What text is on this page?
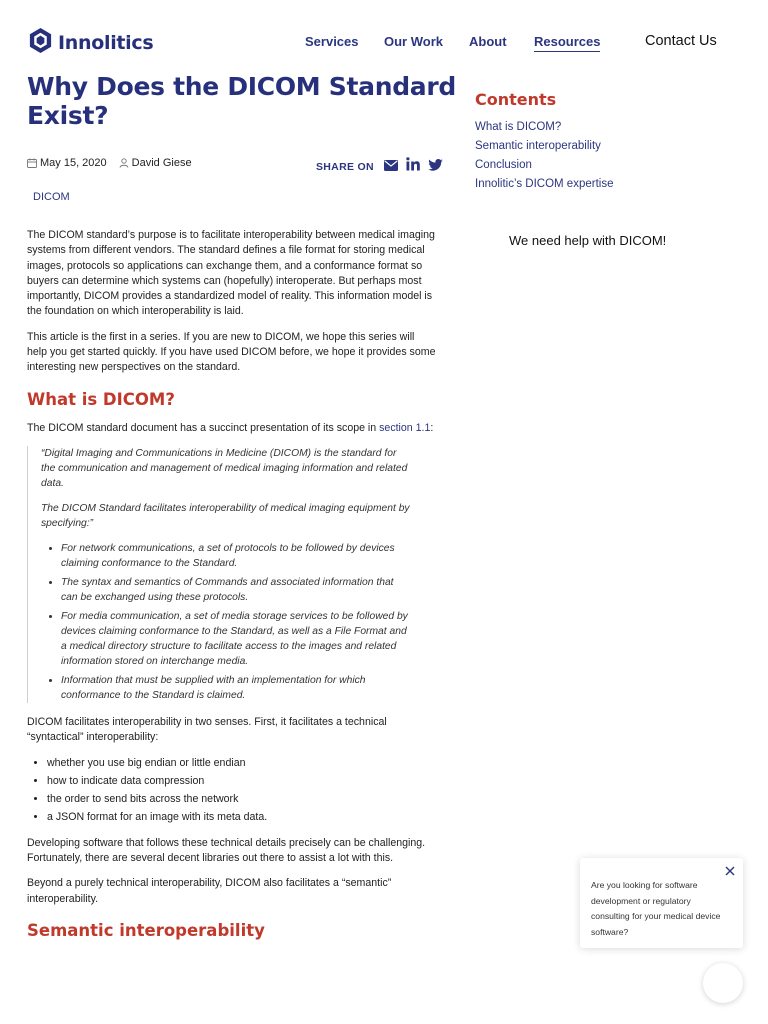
Innolitics	Services Our Work About Resources	Contact Us
Contents
What is DICOM?
Semantic interoperability
Conclusion
Innolitic’s DICOM expertise
We need help with DICOM!
Why Does the DICOM Standard Exist?
May 15, 2020 David Giese	SHARE ON
DICOM

The DICOM standard’s purpose is to facilitate interoperability between medical imaging systems from different vendors. The standard defines a file format for storing medical images, protocols so applications can exchange them, and a conformance format so buyers can determine which systems can (hopefully) interoperate. But perhaps most importantly, DICOM provides a standardized model of reality. This information model is the foundation on which interoperability is laid.

This article is the first in a series. If you are new to DICOM, we hope this series will help you get started quickly. If you have used DICOM before, we hope it provides some interesting new perspectives on the standard.

What is DICOM?

The DICOM standard document has a succinct presentation of its scope in section 1.1:

“Digital Imaging and Communications in Medicine (DICOM) is the standard for the communication and management of medical imaging information and related data.

The DICOM Standard facilitates interoperability of medical imaging equipment by specifying:”

• For network communications, a set of protocols to be followed by devices claiming conformance to the Standard.
• The syntax and semantics of Commands and associated information that can be exchanged using these protocols.
• For media communication, a set of media storage services to be followed by devices claiming conformance to the Standard, as well as a File Format and a medical directory structure to facilitate access to the images and related information stored on interchange media.
• Information that must be supplied with an implementation for which conformance to the Standard is claimed.

DICOM facilitates interoperability in two senses. First, it facilitates a technical “syntactical” interoperability:

• whether you use big endian or little endian
• how to indicate data compression
• the order to send bits across the network
• a JSON format for an image with its meta data.

Developing software that follows these technical details precisely can be challenging. Fortunately, there are several decent libraries out there to assist a lot with this.

Beyond a purely technical interoperability, DICOM also facilitates a “semantic” interoperability.

Semantic interoperability
Are you looking for software development or regulatory consulting for your medical device software?
